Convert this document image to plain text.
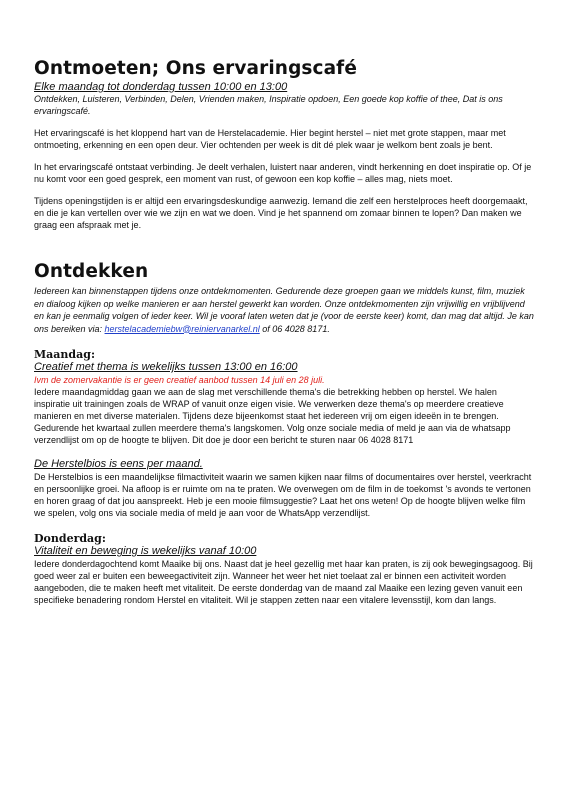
Ontmoeten; Ons ervaringscafé

Elke maandag tot donderdag tussen 10:00 en 13:00

Ontdekken, Luisteren, Verbinden, Delen, Vrienden maken, Inspiratie opdoen, Een goede kop koffie of thee, Dat is ons ervaringscafé.

Het ervaringscafé is het kloppend hart van de Herstelacademie. Hier begint herstel – niet met grote stappen, maar met ontmoeting, erkenning en een open deur. Vier ochtenden per week is dit dé plek waar je welkom bent zoals je bent.

In het ervaringscafé ontstaat verbinding. Je deelt verhalen, luistert naar anderen, vindt herkenning en doet inspiratie op. Of je nu komt voor een goed gesprek, een moment van rust, of gewoon een kop koffie – alles mag, niets moet.

Tijdens openingstijden is er altijd een ervaringsdeskundige aanwezig. Iemand die zelf een herstelproces heeft doorgemaakt, en die je kan vertellen over wie we zijn en wat we doen. Vind je het spannend om zomaar binnen te lopen? Dan maken we graag een afspraak met je.

Ontdekken

Iedereen kan binnenstappen tijdens onze ontdekmomenten. Gedurende deze groepen gaan we middels kunst, film, muziek en dialoog kijken op welke manieren er aan herstel gewerkt kan worden. Onze ontdekmomenten zijn vrijwillig en vrijblijvend en kan je eenmalig volgen of ieder keer. Wil je vooraf laten weten dat je (voor de eerste keer) komt, dan mag dat altijd. Je kan ons bereiken via: herstelacademiebw@reiniervanarkel.nl of 06 4028 8171.

Maandag:

Creatief met thema is wekelijks tussen 13:00 en 16:00

Ivm de zomervakantie is er geen creatief aanbod tussen 14 juli en 28 juli.

Iedere maandagmiddag gaan we aan de slag met verschillende thema's die betrekking hebben op herstel. We halen inspiratie uit trainingen zoals de WRAP of vanuit onze eigen visie. We verwerken deze thema's op meerdere creatieve manieren en met diverse materialen. Tijdens deze bijeenkomst staat het iedereen vrij om eigen ideeën in te brengen. Gedurende het kwartaal zullen meerdere thema's langskomen. Volg onze sociale media of meld je aan via de whatsapp verzendlijst om op de hoogte te blijven. Dit doe je door een bericht te sturen naar 06 4028 8171

De Herstelbios is eens per maand.

De Herstelbios is een maandelijkse filmactiviteit waarin we samen kijken naar films of documentaires over herstel, veerkracht en persoonlijke groei. Na afloop is er ruimte om na te praten. We overwegen om de film in de toekomst 's avonds te vertonen en horen graag of dat jou aanspreekt. Heb je een mooie filmsuggestie? Laat het ons weten! Op de hoogte blijven welke film we spelen, volg ons via sociale media of meld je aan voor de WhatsApp verzendlijst.

Donderdag:

Vitaliteit en beweging is wekelijks vanaf 10:00

Iedere donderdagochtend komt Maaike bij ons. Naast dat je heel gezellig met haar kan praten, is zij ook bewegingsagoog. Bij goed weer zal er buiten een beweegactiviteit zijn. Wanneer het weer het niet toelaat zal er binnen een activiteit worden aangeboden, die te maken heeft met vitaliteit. De eerste donderdag van de maand zal Maaike een lezing geven vanuit een specifieke benadering rondom Herstel en vitaliteit. Wil je stappen zetten naar een vitalere levensstijl, kom dan langs.
